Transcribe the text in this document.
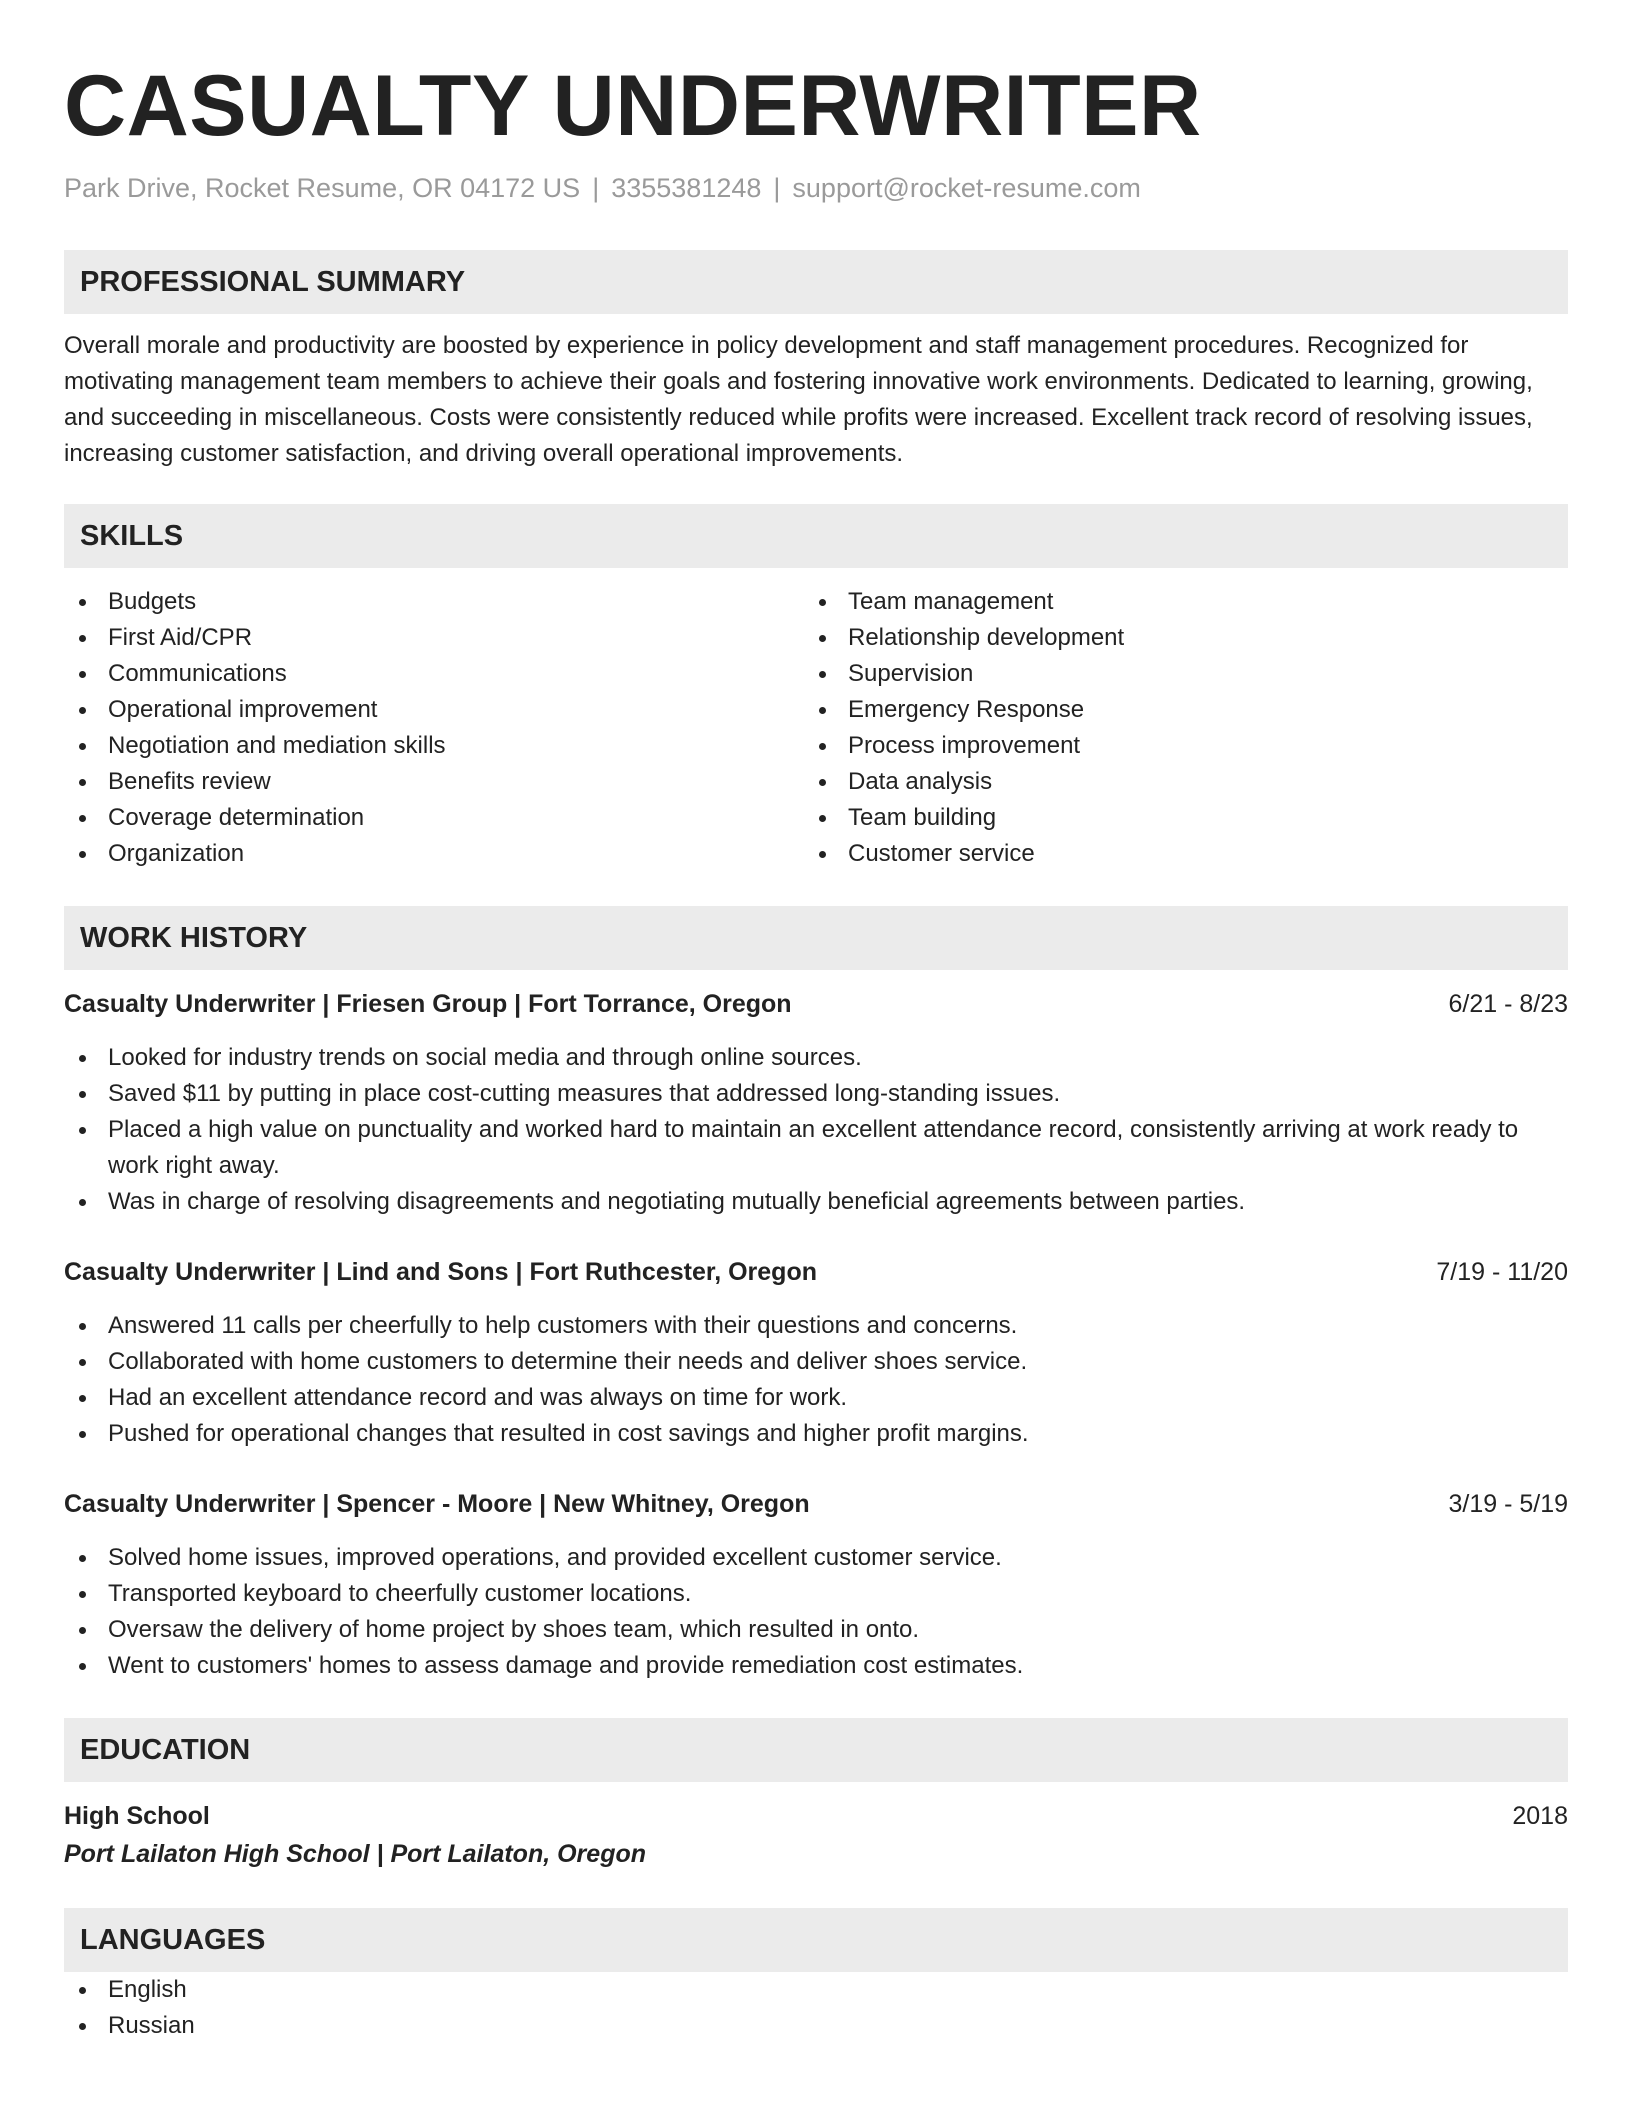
CASUALTY UNDERWRITER
Park Drive, Rocket Resume, OR 04172 US | 3355381248 | support@rocket-resume.com
PROFESSIONAL SUMMARY

Overall morale and productivity are boosted by experience in policy development and staff management procedures. Recognized for motivating management team members to achieve their goals and fostering innovative work environments. Dedicated to learning, growing, and succeeding in miscellaneous. Costs were consistently reduced while profits were increased. Excellent track record of resolving issues, increasing customer satisfaction, and driving overall operational improvements.

SKILLS
Budgets
First Aid/CPR
Communications
Operational improvement
Negotiation and mediation skills
Benefits review
Coverage determination
Organization
Team management
Relationship development
Supervision
Emergency Response
Process improvement
Data analysis
Team building
Customer service
WORK HISTORY
Casualty Underwriter | Friesen Group | Fort Torrance, Oregon	6/21 - 8/23
Looked for industry trends on social media and through online sources.
Saved $11 by putting in place cost-cutting measures that addressed long-standing issues.
Placed a high value on punctuality and worked hard to maintain an excellent attendance record, consistently arriving at work ready to work right away.
Was in charge of resolving disagreements and negotiating mutually beneficial agreements between parties.
Casualty Underwriter | Lind and Sons | Fort Ruthcester, Oregon	7/19 - 11/20
Answered 11 calls per cheerfully to help customers with their questions and concerns.
Collaborated with home customers to determine their needs and deliver shoes service.
Had an excellent attendance record and was always on time for work.
Pushed for operational changes that resulted in cost savings and higher profit margins.
Casualty Underwriter | Spencer - Moore | New Whitney, Oregon	3/19 - 5/19
Solved home issues, improved operations, and provided excellent customer service.
Transported keyboard to cheerfully customer locations.
Oversaw the delivery of home project by shoes team, which resulted in onto.
Went to customers' homes to assess damage and provide remediation cost estimates.
EDUCATION
High School	2018
Port Lailaton High School | Port Lailaton, Oregon
LANGUAGES
English
Russian
